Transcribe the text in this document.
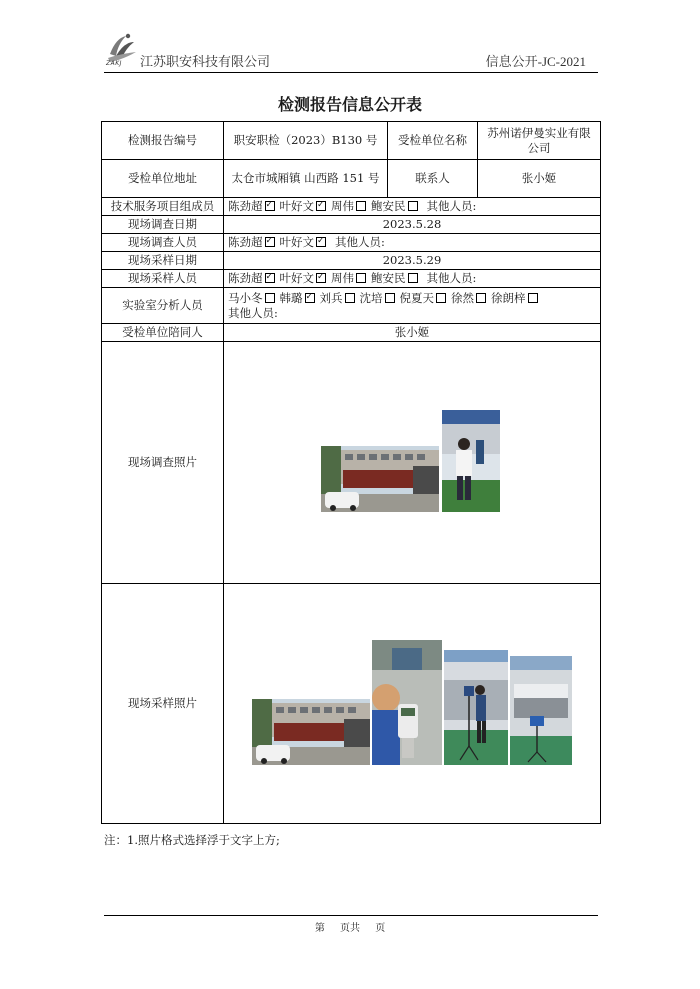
ZAKJ 江苏职安科技有限公司	信息公开-JC-2021
检测报告信息公开表
检测报告编号	职安职检（2023）B130 号	受检单位名称	苏州诺伊曼实业有限公司
受检单位地址	太仓市城厢镇 山西路 151 号	联系人	张小姬
技术服务项目组成员	陈劲超 ✓ 叶好文 ✓ 周伟 鲍安民 其他人员:
现场调查日期	2023.5.28		
现场调查人员	陈劲超 ✓ 叶好文 ✓ 其他人员:
现场采样日期	2023.5.29		
现场采样人员	陈劲超 ✓ 叶好文 ✓ 周伟 鲍安民 其他人员:
实验室分析人员	马小冬 韩璐 ✓ 刘兵 沈培 倪夏天 徐然 徐朗梓
其他人员:
受检单位陪同人	张小姬		
现场调查照片	

现场采样照片	
注：1.照片格式选择浮于文字上方;
第 页共 页
